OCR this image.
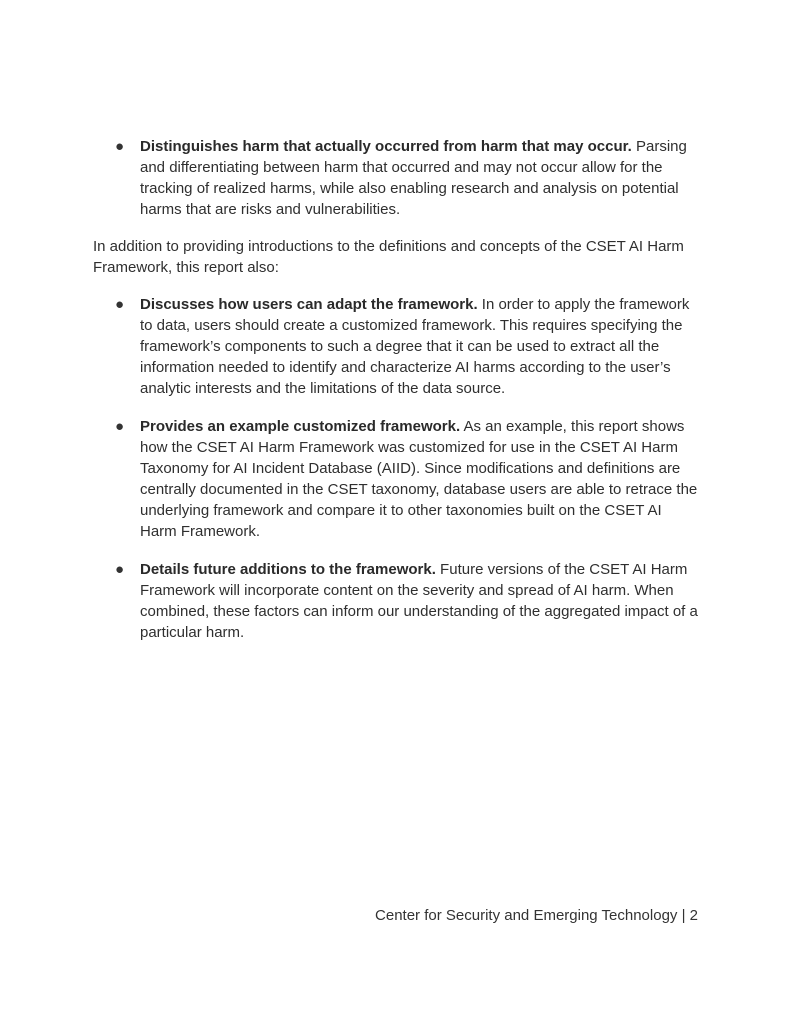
● Distinguishes harm that actually occurred from harm that may occur. Parsing and differentiating between harm that occurred and may not occur allow for the tracking of realized harms, while also enabling research and analysis on potential harms that are risks and vulnerabilities.

In addition to providing introductions to the definitions and concepts of the CSET AI Harm Framework, this report also:

● Discusses how users can adapt the framework. In order to apply the framework to data, users should create a customized framework. This requires specifying the framework’s components to such a degree that it can be used to extract all the information needed to identify and characterize AI harms according to the user’s analytic interests and the limitations of the data source.
● Provides an example customized framework. As an example, this report shows how the CSET AI Harm Framework was customized for use in the CSET AI Harm Taxonomy for AI Incident Database (AIID). Since modifications and definitions are centrally documented in the CSET taxonomy, database users are able to retrace the underlying framework and compare it to other taxonomies built on the CSET AI Harm Framework.
● Details future additions to the framework. Future versions of the CSET AI Harm Framework will incorporate content on the severity and spread of AI harm. When combined, these factors can inform our understanding of the aggregated impact of a particular harm.
Center for Security and Emerging Technology | 2
